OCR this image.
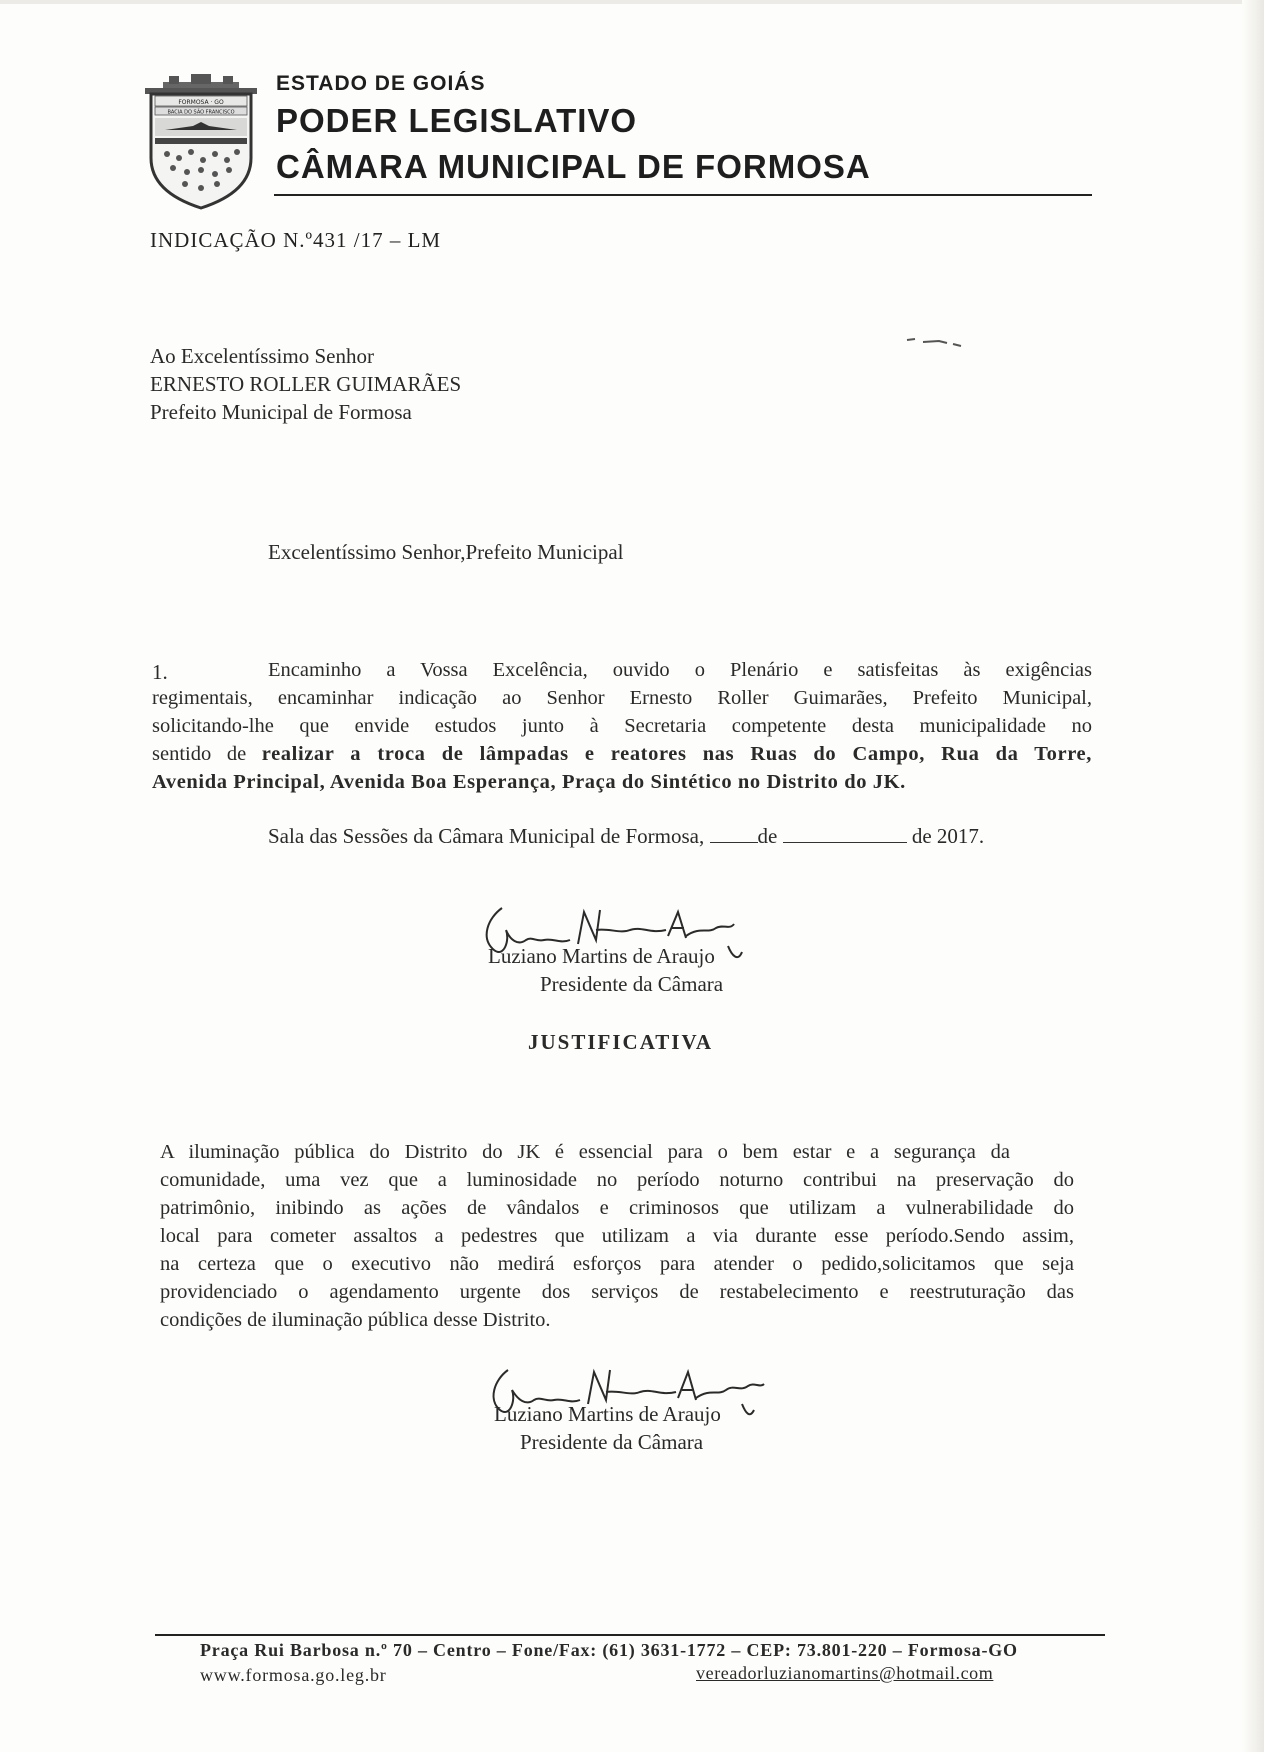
FORMOSA · GO
BACIA DO SÃO FRANCISCO
ESTADO DE GOIÁS
PODER LEGISLATIVO
CÂMARA MUNICIPAL DE FORMOSA
INDICAÇÃO N.º431 /17 – LM
Ao Excelentíssimo Senhor
ERNESTO ROLLER GUIMARÃES
Prefeito Municipal de Formosa
Excelentíssimo Senhor,Prefeito Municipal
1.	Encaminho a Vossa Excelência, ouvido o Plenário e satisfeitas às exigências
regimentais, encaminhar indicação ao Senhor Ernesto Roller Guimarães, Prefeito Municipal,
solicitando-lhe que envide estudos junto à Secretaria competente desta municipalidade no
sentido de realizar a troca de lâmpadas e reatores nas Ruas do Campo, Rua da Torre,
Avenida Principal, Avenida Boa Esperança, Praça do Sintético no Distrito do JK.
Sala das Sessões da Câmara Municipal de Formosa,	de	de 2017.
Luziano Martins de Araujo
Presidente da Câmara
JUSTIFICATIVA
A iluminação pública do Distrito do JK é essencial para o bem estar e a segurança da
comunidade, uma vez que a luminosidade no período noturno contribui na preservação do
patrimônio, inibindo as ações de vândalos e criminosos que utilizam a vulnerabilidade do
local para cometer assaltos a pedestres que utilizam a via durante esse período.Sendo assim,
na certeza que o executivo não medirá esforços para atender o pedido,solicitamos que seja
providenciado o agendamento urgente dos serviços de restabelecimento e reestruturação das
condições de iluminação pública desse Distrito.
Luziano Martins de Araujo
Presidente da Câmara
Praça Rui Barbosa n.º 70 – Centro – Fone/Fax: (61) 3631-1772 – CEP: 73.801-220 – Formosa-GO
www.formosa.go.leg.br	vereadorluzianomartins@hotmail.com
